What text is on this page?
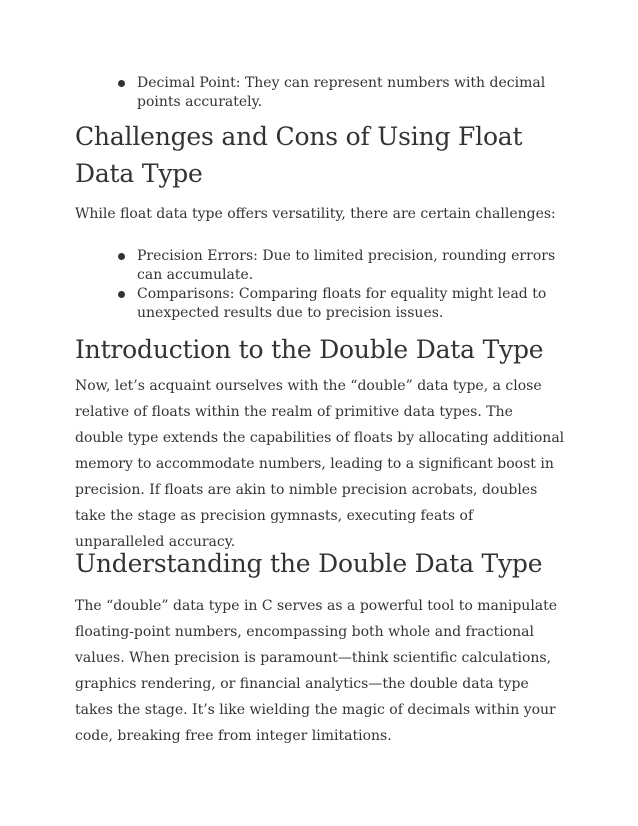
Decimal Point: They can represent numbers with decimal points accurately.
Challenges and Cons of Using Float Data Type

While float data type offers versatility, there are certain challenges:

Precision Errors: Due to limited precision, rounding errors can accumulate.
Comparisons: Comparing floats for equality might lead to unexpected results due to precision issues.
Introduction to the Double Data Type

Now, let’s acquaint ourselves with the “double” data type, a close relative of floats within the realm of primitive data types. The double type extends the capabilities of floats by allocating additional memory to accommodate numbers, leading to a significant boost in precision. If floats are akin to nimble precision acrobats, doubles take the stage as precision gymnasts, executing feats of unparalleled accuracy.

Understanding the Double Data Type

The “double” data type in C serves as a powerful tool to manipulate floating-point numbers, encompassing both whole and fractional values. When precision is paramount—think scientific calculations, graphics rendering, or financial analytics—the double data type takes the stage. It’s like wielding the magic of decimals within your code, breaking free from integer limitations.
